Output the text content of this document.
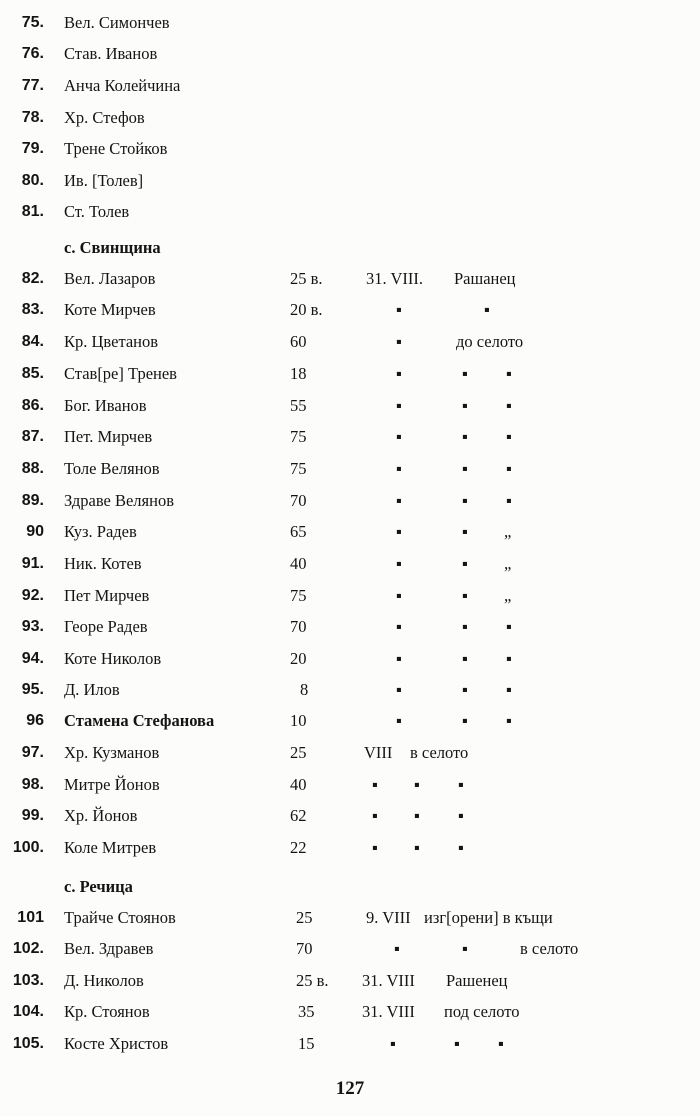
75. Вел. Симончев
76. Став. Иванов
77. Анча Колейчина
78. Хр. Стефов
79. Трене Стойков
80. Ив. [Толев]
81. Ст. Толев
с. Свинщина
82. Вел. Лазаров	25 в.	31. VIII. Рашанец
83. Коте Мирчев	20 в.	▪	▪
84. Кр. Цветанов	60	▪	до селото
85. Став[ре] Тренев	18	▪	▪ ▪
86. Бог. Иванов	55	▪	▪ ▪
87. Пет. Мирчев	75	▪	▪ ▪
88. Толе Велянов	75	▪	▪ ▪
89. Здраве Велянов	70	▪	▪ ▪
90 Куз. Радев	65	▪	▪ „
91. Ник. Котев	40	▪	▪ „
92. Пет Мирчев	75	▪	▪ „
93. Георе Радев	70	▪	▪ ▪
94. Коте Николов	20	▪	▪ ▪
95. Д. Илов	8	▪	▪ ▪
96 Стамена Стефанова	10	▪	▪ ▪
97. Хр. Кузманов	25	VIII в селото
98. Митре Йонов	40	▪ ▪ ▪
99. Хр. Йонов	62	▪ ▪ ▪
100. Коле Митрев	22	▪ ▪ ▪
с. Речица
101 Трайче Стоянов	25	9. VIII изг[орени] в къщи
102. Вел. Здравев	70	▪	▪	в селото
103. Д. Николов	25 в. 31. VIII Рашенец
104. Кр. Стоянов	35	31. VIII под селото
105. Косте Христов	15	▪	▪ ▪
127
